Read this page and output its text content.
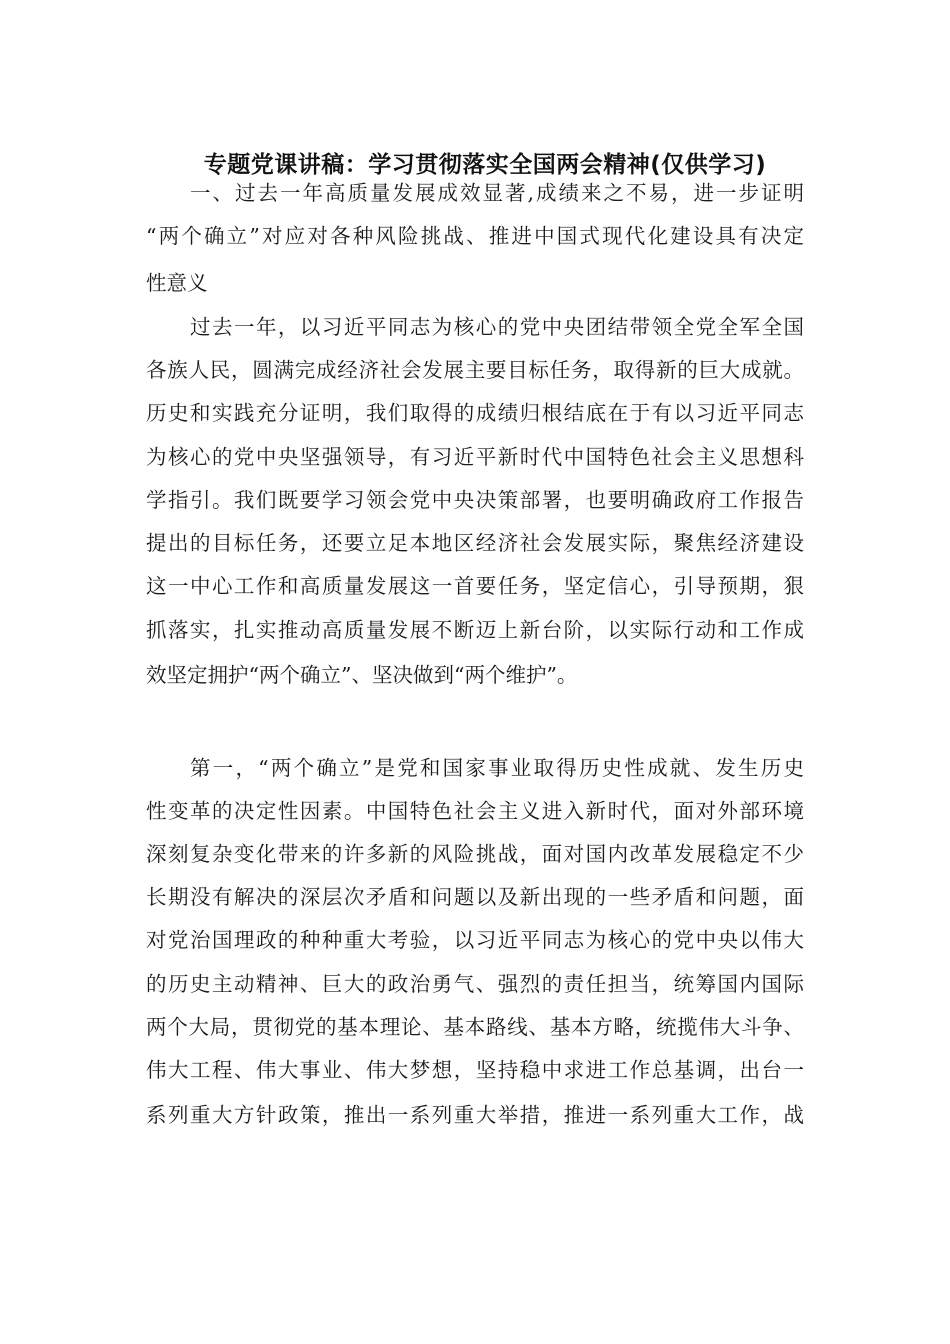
专题党课讲稿：学习贯彻落实全国两会精神(仅供学习)
一、过去一年高质量发展成效显著,成绩来之不易，进一步证明
“两个确立”对应对各种风险挑战、推进中国式现代化建设具有决定
性意义
过去一年，以习近平同志为核心的党中央团结带领全党全军全国
各族人民，圆满完成经济社会发展主要目标任务，取得新的巨大成就。
历史和实践充分证明，我们取得的成绩归根结底在于有以习近平同志
为核心的党中央坚强领导，有习近平新时代中国特色社会主义思想科
学指引。我们既要学习领会党中央决策部署，也要明确政府工作报告
提出的目标任务，还要立足本地区经济社会发展实际，聚焦经济建设
这一中心工作和高质量发展这一首要任务，坚定信心，引导预期，狠
抓落实，扎实推动高质量发展不断迈上新台阶，以实际行动和工作成
效坚定拥护“两个确立”、坚决做到“两个维护”。
第一，“两个确立”是党和国家事业取得历史性成就、发生历史
性变革的决定性因素。中国特色社会主义进入新时代，面对外部环境
深刻复杂变化带来的许多新的风险挑战，面对国内改革发展稳定不少
长期没有解决的深层次矛盾和问题以及新出现的一些矛盾和问题，面
对党治国理政的种种重大考验，以习近平同志为核心的党中央以伟大
的历史主动精神、巨大的政治勇气、强烈的责任担当，统筹国内国际
两个大局，贯彻党的基本理论、基本路线、基本方略，统揽伟大斗争、
伟大工程、伟大事业、伟大梦想，坚持稳中求进工作总基调，出台一
系列重大方针政策，推出一系列重大举措，推进一系列重大工作，战
